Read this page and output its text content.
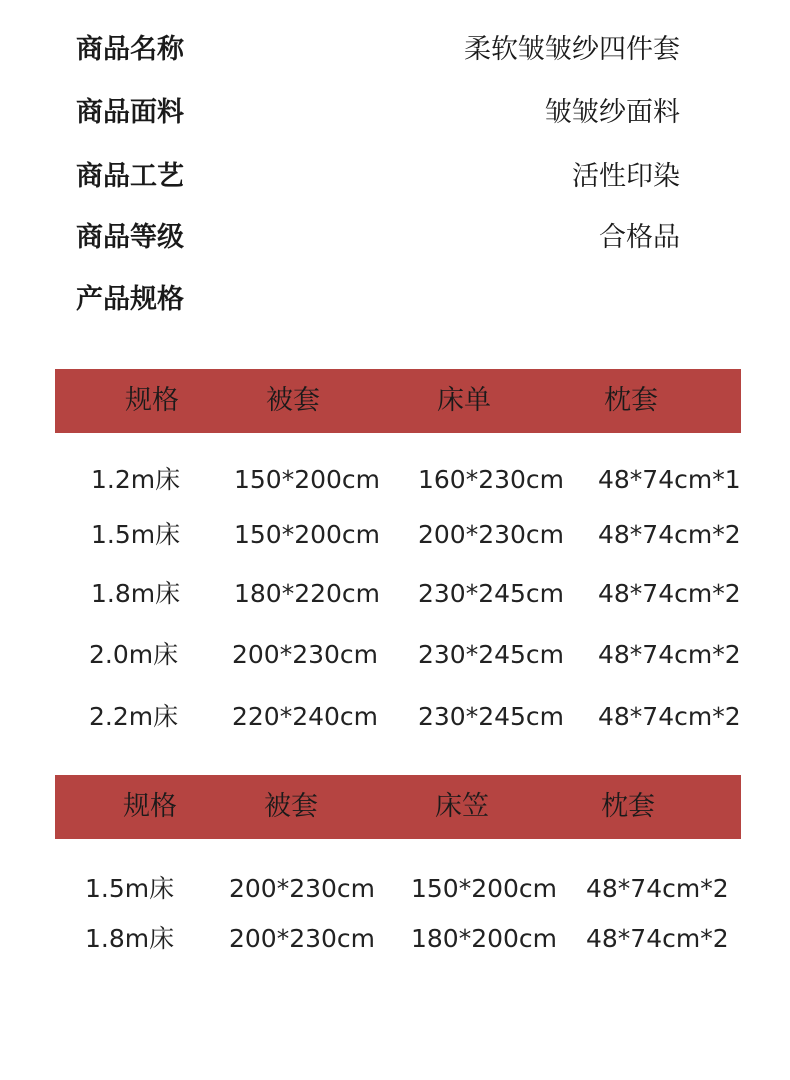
商品名称	柔软皱皱纱四件套
商品面料	皱皱纱面料
商品工艺	活性印染
商品等级	合格品
产品规格
规格	被套	床单	枕套
1.2m床 150*200cm 160*230cm 48*74cm*1
1.5m床 150*200cm 200*230cm 48*74cm*2
1.8m床 180*220cm 230*245cm 48*74cm*2
2.0m床 200*230cm 230*245cm 48*74cm*2
2.2m床 220*240cm 230*245cm 48*74cm*2
规格	被套	床笠	枕套
1.5m床 200*230cm 150*200cm 48*74cm*2
1.8m床 200*230cm 180*200cm 48*74cm*2
